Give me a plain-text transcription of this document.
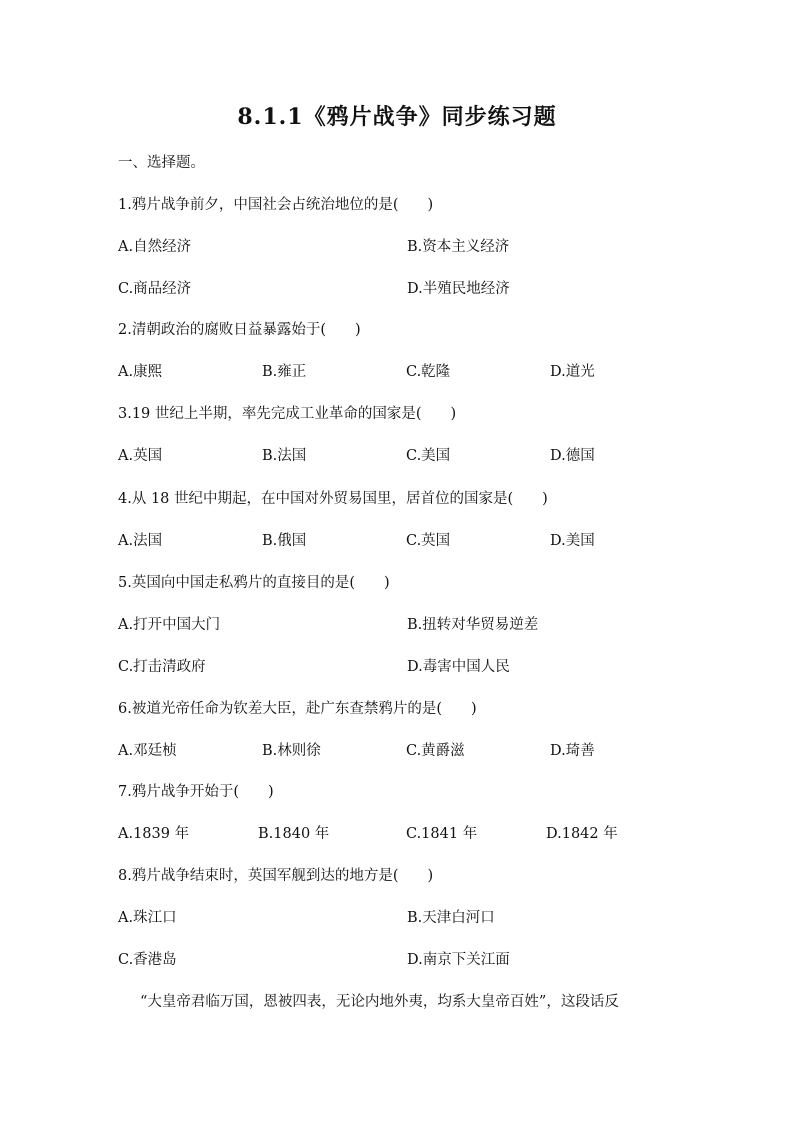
8.1.1《鸦片战争》同步练习题
一、选择题。
1.鸦片战争前夕，中国社会占统治地位的是(　　)
A.自然经济	B.资本主义经济
C.商品经济	D.半殖民地经济
2.清朝政治的腐败日益暴露始于(　　)
A.康熙	B.雍正	C.乾隆	D.道光
3.19 世纪上半期，率先完成工业革命的国家是(　　)
A.英国	B.法国	C.美国	D.德国
4.从 18 世纪中期起，在中国对外贸易国里，居首位的国家是(　　)
A.法国	B.俄国	C.英国	D.美国
5.英国向中国走私鸦片的直接目的是(　　)
A.打开中国大门	B.扭转对华贸易逆差
C.打击清政府	D.毒害中国人民
6.被道光帝任命为钦差大臣，赴广东查禁鸦片的是(　　)
A.邓廷桢	B.林则徐	C.黄爵滋	D.琦善
7.鸦片战争开始于(　　)
A.1839 年	B.1840 年	C.1841 年	D.1842 年
8.鸦片战争结束时，英国军舰到达的地方是(　　)
A.珠江口	B.天津白河口
C.香港岛	D.南京下关江面
“大皇帝君临万国，恩被四表，无论内地外夷，均系大皇帝百姓”，这段话反
